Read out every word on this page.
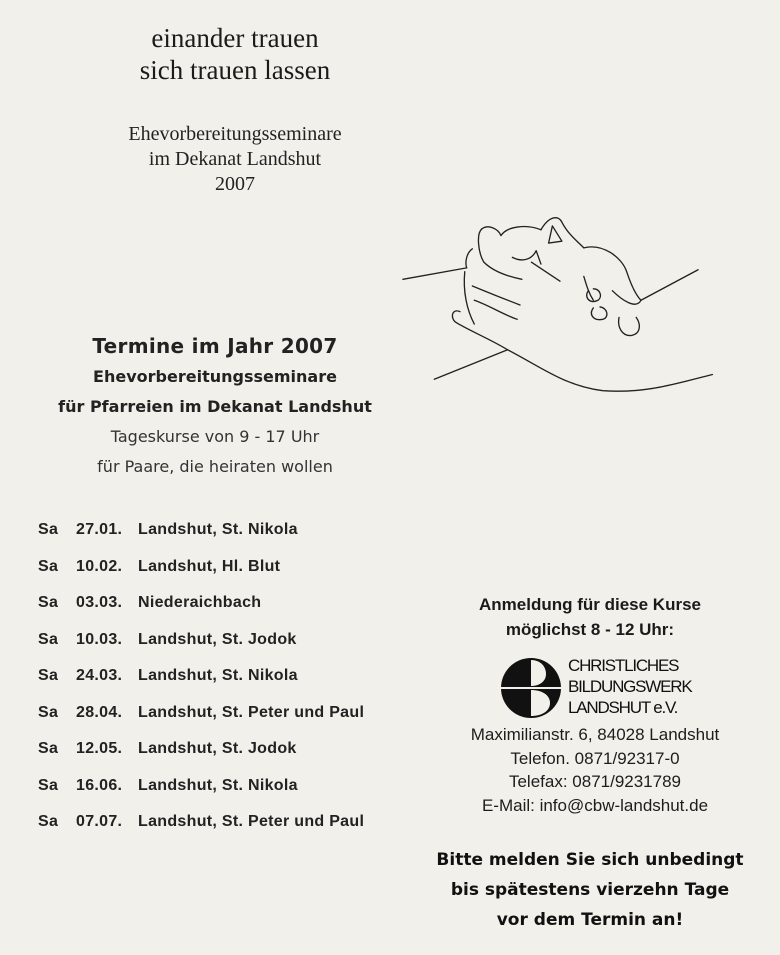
einander trauen
sich trauen lassen
Ehevorbereitungsseminare
im Dekanat Landshut
2007
Termine im Jahr 2007
Ehevorbereitungsseminare
für Pfarreien im Dekanat Landshut
Tageskurse von 9 - 17 Uhr
für Paare, die heiraten wollen
Sa 27.01. Landshut, St. Nikola
Sa 10.02. Landshut, Hl. Blut
Sa 03.03. Niederaichbach
Sa 10.03. Landshut, St. Jodok
Sa 24.03. Landshut, St. Nikola
Sa 28.04. Landshut, St. Peter und Paul
Sa 12.05. Landshut, St. Jodok
Sa 16.06. Landshut, St. Nikola
Sa 07.07. Landshut, St. Peter und Paul
Anmeldung für diese Kurse
möglichst 8 - 12 Uhr:
CHRISTLICHES
BILDUNGSWERK
LANDSHUT e.V.
Maximilianstr. 6, 84028 Landshut
Telefon. 0871/92317-0
Telefax: 0871/9231789
E-Mail: info@cbw-landshut.de
Bitte melden Sie sich unbedingt
bis spätestens vierzehn Tage
vor dem Termin an!
